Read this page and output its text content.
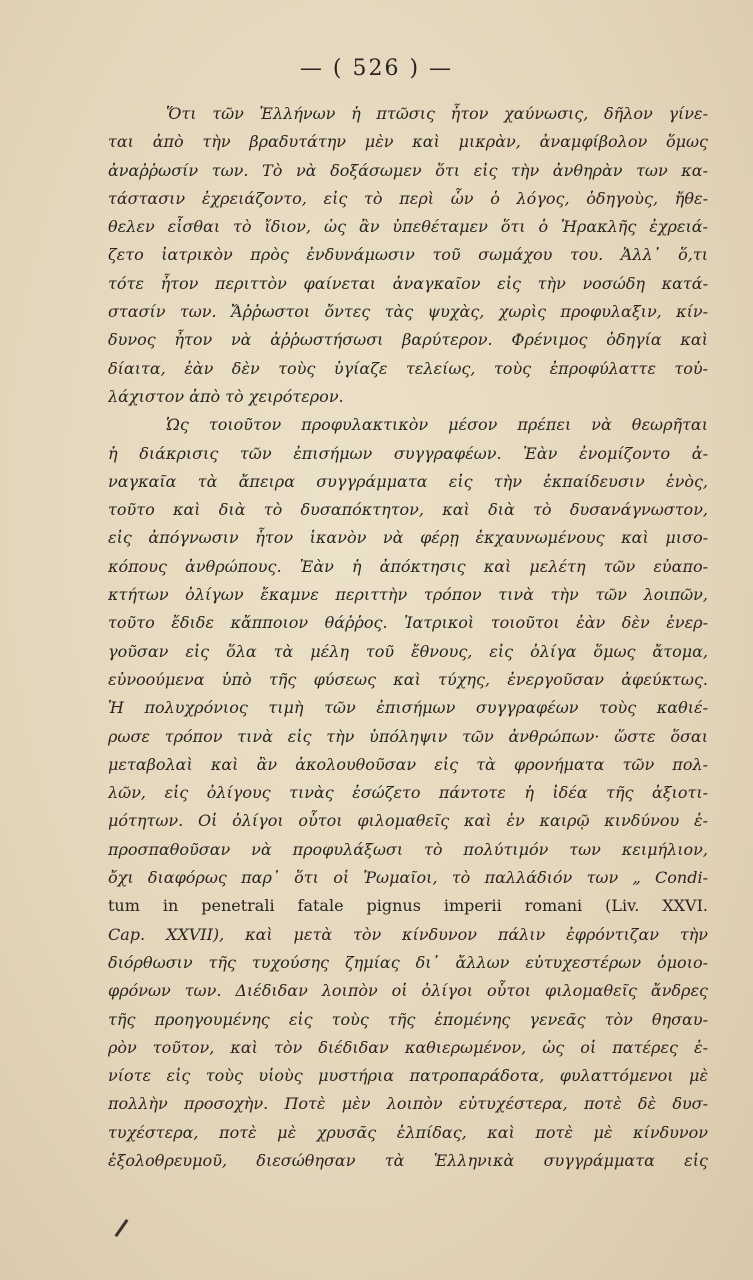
— ( 526 ) —
Ὅτι τῶν Ἑλλήνων ἡ πτῶσις ἦτον χαύνωσις, δῆλον γίνε-
ται ἀπὸ τὴν βραδυτάτην μὲν καὶ μικρὰν, ἀναμφίβολον ὅμως
ἀναῤῥωσίν των. Τὸ νὰ δοξάσωμεν ὅτι εἰς τὴν ἀνθηρὰν των κα-
τάστασιν ἐχρειάζοντο, εἰς τὸ περὶ ὧν ὁ λόγος, ὁδηγοὺς, ἤθε-
θελεν εἶσθαι τὸ ἴδιον, ὡς ἂν ὑπεθέταμεν ὅτι ὁ Ἡρακλῆς ἐχρειά-
ζετο ἰατρικὸν πρὸς ἐνδυνάμωσιν τοῦ σωμάχου του. Ἀλλ᾽ ὅ,τι
τότε ἦτον περιττὸν φαίνεται ἀναγκαῖον εἰς τὴν νοσώδη κατά-
στασίν των. Ἄῤῥωστοι ὄντες τὰς ψυχὰς, χωρὶς προφυλαξιν, κίν-
δυνος ἦτον νὰ ἀῤῥωστήσωσι βαρύτερον. Φρένιμος ὁδηγία καὶ
δίαιτα, ἐὰν δὲν τοὺς ὑγίαζε τελείως, τοὺς ἐπροφύλαττε τοὐ-
λάχιστον ἀπὸ τὸ χειρότερον.
Ὡς τοιοῦτον προφυλακτικὸν μέσον πρέπει νὰ θεωρῆται
ἡ διάκρισις τῶν ἐπισήμων συγγραφέων. Ἐὰν ἐνομίζοντο ἀ-
ναγκαῖα τὰ ἄπειρα συγγράμματα εἰς τὴν ἐκπαίδευσιν ἑνὸς,
τοῦτο καὶ διὰ τὸ δυσαπόκτητον, καὶ διὰ τὸ δυσανάγνωστον,
εἰς ἀπόγνωσιν ἦτον ἱκανὸν νὰ φέρῃ ἐκχαυνωμένους καὶ μισο-
κόπους ἀνθρώπους. Ἐὰν ἡ ἀπόκτησις καὶ μελέτη τῶν εὐαπο-
κτήτων ὀλίγων ἔκαμνε περιττὴν τρόπον τινὰ τὴν τῶν λοιπῶν,
τοῦτο ἔδιδε κἄπποιον θάῤῥος. Ἰατρικοὶ τοιοῦτοι ἐὰν δὲν ἐνερ-
γοῦσαν εἰς ὅλα τὰ μέλη τοῦ ἔθνους, εἰς ὀλίγα ὅμως ἄτομα,
εὐνοούμενα ὑπὸ τῆς φύσεως καὶ τύχης, ἐνεργοῦσαν ἀφεύκτως.
Ἡ πολυχρόνιος τιμὴ τῶν ἐπισήμων συγγραφέων τοὺς καθιέ-
ρωσε τρόπον τινὰ εἰς τὴν ὑπόληψιν τῶν ἀνθρώπων· ὥστε ὅσαι
μεταβολαὶ καὶ ἂν ἀκολουθοῦσαν εἰς τὰ φρονήματα τῶν πολ-
λῶν, εἰς ὀλίγους τινὰς ἐσώζετο πάντοτε ἡ ἰδέα τῆς ἀξιοτι-
μότητων. Οἱ ὀλίγοι οὗτοι φιλομαθεῖς καὶ ἐν καιρῷ κινδύνου ἐ-
προσπαθοῦσαν νὰ προφυλάξωσι τὸ πολύτιμόν των κειμήλιον,
ὄχι διαφόρως παρ᾽ ὅτι οἱ Ῥωμαῖοι, τὸ παλλάδιόν των „ Condi-
tum in penetrali fatale pignus imperii romani (Liv. XXVI.
Cap. XXVII), καὶ μετὰ τὸν κίνδυνον πάλιν ἐφρόντιζαν τὴν
διόρθωσιν τῆς τυχούσης ζημίας δι᾽ ἄλλων εὐτυχεστέρων ὁμοιο-
φρόνων των. Διέδιδαν λοιπὸν οἱ ὀλίγοι οὗτοι φιλομαθεῖς ἄνδρες
τῆς προηγουμένης εἰς τοὺς τῆς ἑπομένης γενεᾶς τὸν θησαυ-
ρὸν τοῦτον, καὶ τὸν διέδιδαν καθιερωμένον, ὡς οἱ πατέρες ἐ-
νίοτε εἰς τοὺς υἱοὺς μυστήρια πατροπαράδοτα, φυλαττόμενοι μὲ
πολλὴν προσοχὴν. Ποτὲ μὲν λοιπὸν εὐτυχέστερα, ποτὲ δὲ δυσ-
τυχέστερα, ποτὲ μὲ χρυσᾶς ἐλπίδας, καὶ ποτὲ μὲ κίνδυνον
ἐξολοθρευμοῦ, διεσώθησαν τὰ Ἑλληνικὰ συγγράμματα εἰς
